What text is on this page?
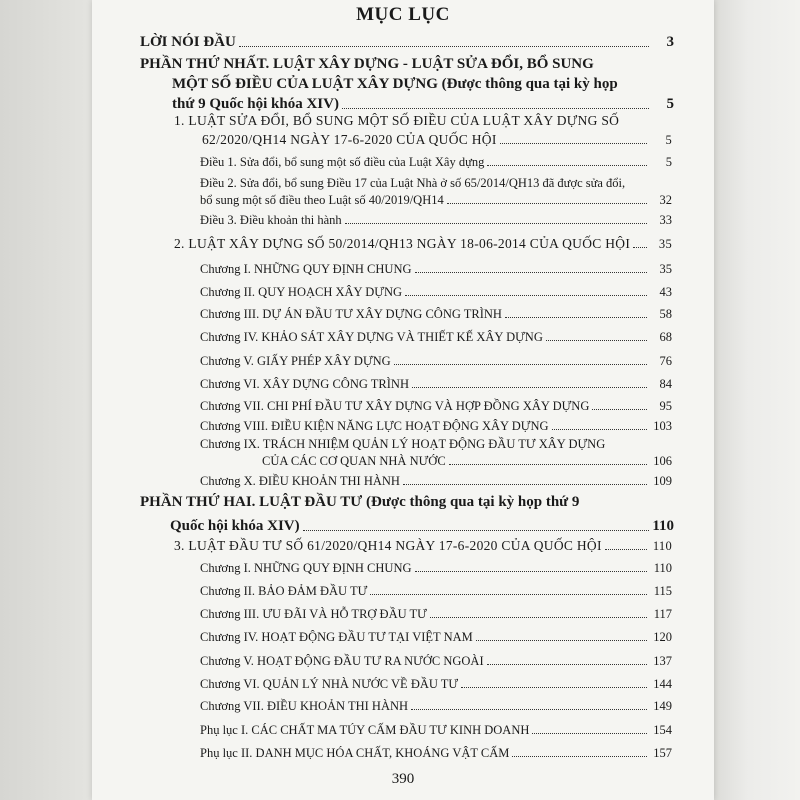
MỤC LỤC
LỜI NÓI ĐẦU	3
PHẦN THỨ NHẤT. LUẬT XÂY DỰNG - LUẬT SỬA ĐỔI, BỔ SUNG
MỘT SỐ ĐIỀU CỦA LUẬT XÂY DỰNG (Được thông qua tại kỳ họp
thứ 9 Quốc hội khóa XIV)	5
1. LUẬT SỬA ĐỔI, BỔ SUNG MỘT SỐ ĐIỀU CỦA LUẬT XÂY DỰNG SỐ
62/2020/QH14 NGÀY 17-6-2020 CỦA QUỐC HỘI	5
Điều 1. Sửa đổi, bổ sung một số điều của Luật Xây dựng	5
Điều 2. Sửa đổi, bổ sung Điều 17 của Luật Nhà ở số 65/2014/QH13 đã được sửa đổi,
bổ sung một số điều theo Luật số 40/2019/QH14	32
Điều 3. Điều khoản thi hành	33
2. LUẬT XÂY DỰNG SỐ 50/2014/QH13 NGÀY 18-06-2014 CỦA QUỐC HỘI	35
Chương I. NHỮNG QUY ĐỊNH CHUNG	35
Chương II. QUY HOẠCH XÂY DỰNG	43
Chương III. DỰ ÁN ĐẦU TƯ XÂY DỰNG CÔNG TRÌNH	58
Chương IV. KHẢO SÁT XÂY DỰNG VÀ THIẾT KẾ XÂY DỰNG	68
Chương V. GIẤY PHÉP XÂY DỰNG	76
Chương VI. XÂY DỰNG CÔNG TRÌNH	84
Chương VII. CHI PHÍ ĐẦU TƯ XÂY DỰNG VÀ HỢP ĐỒNG XÂY DỰNG	95
Chương VIII. ĐIỀU KIỆN NĂNG LỰC HOẠT ĐỘNG XÂY DỰNG	103
Chương IX. TRÁCH NHIỆM QUẢN LÝ HOẠT ĐỘNG ĐẦU TƯ XÂY DỰNG
CỦA CÁC CƠ QUAN NHÀ NƯỚC	106
Chương X. ĐIỀU KHOẢN THI HÀNH	109
PHẦN THỨ HAI. LUẬT ĐẦU TƯ (Được thông qua tại kỳ họp thứ 9
Quốc hội khóa XIV)	110
3. LUẬT ĐẦU TƯ SỐ 61/2020/QH14 NGÀY 17-6-2020 CỦA QUỐC HỘI	110
Chương I. NHỮNG QUY ĐỊNH CHUNG	110
Chương II. BẢO ĐẢM ĐẦU TƯ	115
Chương III. ƯU ĐÃI VÀ HỖ TRỢ ĐẦU TƯ	117
Chương IV. HOẠT ĐỘNG ĐẦU TƯ TẠI VIỆT NAM	120
Chương V. HOẠT ĐỘNG ĐẦU TƯ RA NƯỚC NGOÀI	137
Chương VI. QUẢN LÝ NHÀ NƯỚC VỀ ĐẦU TƯ	144
Chương VII. ĐIỀU KHOẢN THI HÀNH	149
Phụ lục I. CÁC CHẤT MA TÚY CẤM ĐẦU TƯ KINH DOANH	154
Phụ lục II. DANH MỤC HÓA CHẤT, KHOÁNG VẬT CẤM	157
390
